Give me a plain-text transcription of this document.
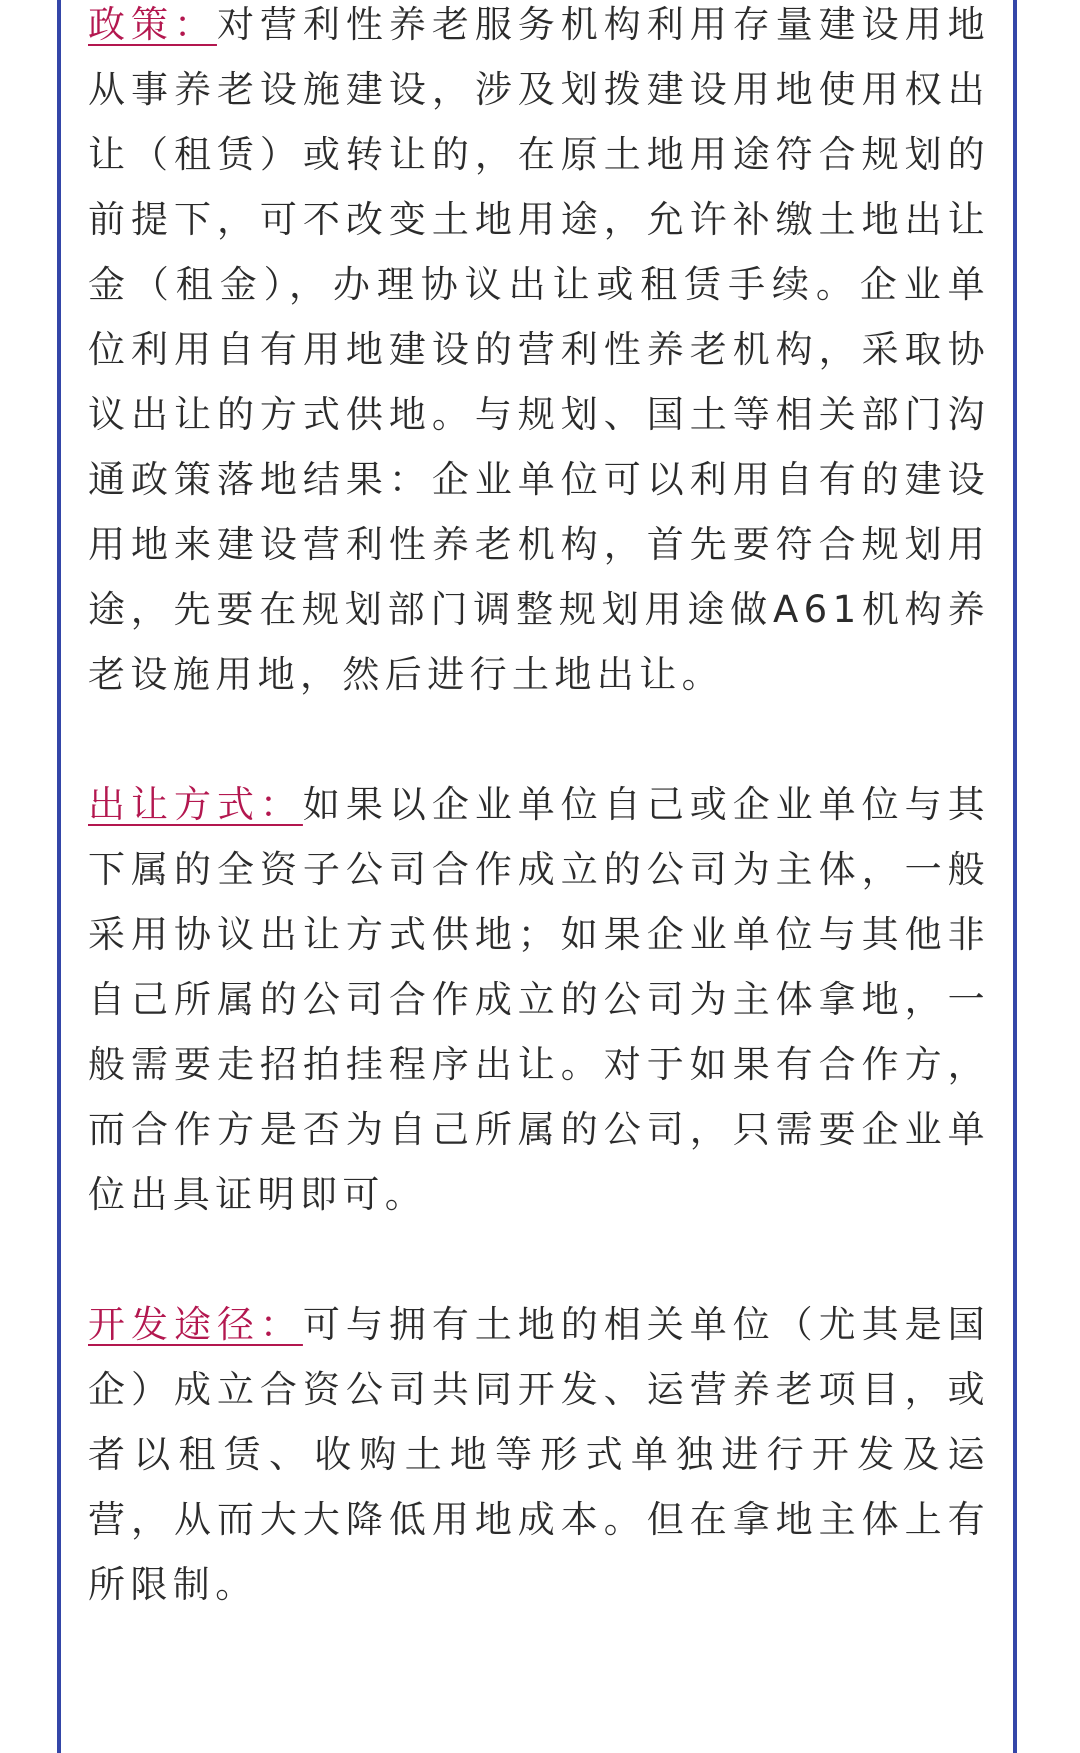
政策：对营利性养老服务机构利用存量建设用地从事养老设施建设，涉及划拨建设用地使用权出让（租赁）或转让的，在原土地用途符合规划的前提下，可不改变土地用途，允许补缴土地出让金（租金），办理协议出让或租赁手续。企业单位利用自有用地建设的营利性养老机构，采取协议出让的方式供地。与规划、国土等相关部门沟通政策落地结果：企业单位可以利用自有的建设用地来建设营利性养老机构，首先要符合规划用途，先要在规划部门调整规划用途做A61机构养老设施用地，然后进行土地出让。

出让方式：如果以企业单位自己或企业单位与其下属的全资子公司合作成立的公司为主体，一般采用协议出让方式供地；如果企业单位与其他非自己所属的公司合作成立的公司为主体拿地，一般需要走招拍挂程序出让。对于如果有合作方，而合作方是否为自己所属的公司，只需要企业单位出具证明即可。

开发途径：可与拥有土地的相关单位（尤其是国企）成立合资公司共同开发、运营养老项目，或者以租赁、收购土地等形式单独进行开发及运营，从而大大降低用地成本。但在拿地主体上有所限制。
